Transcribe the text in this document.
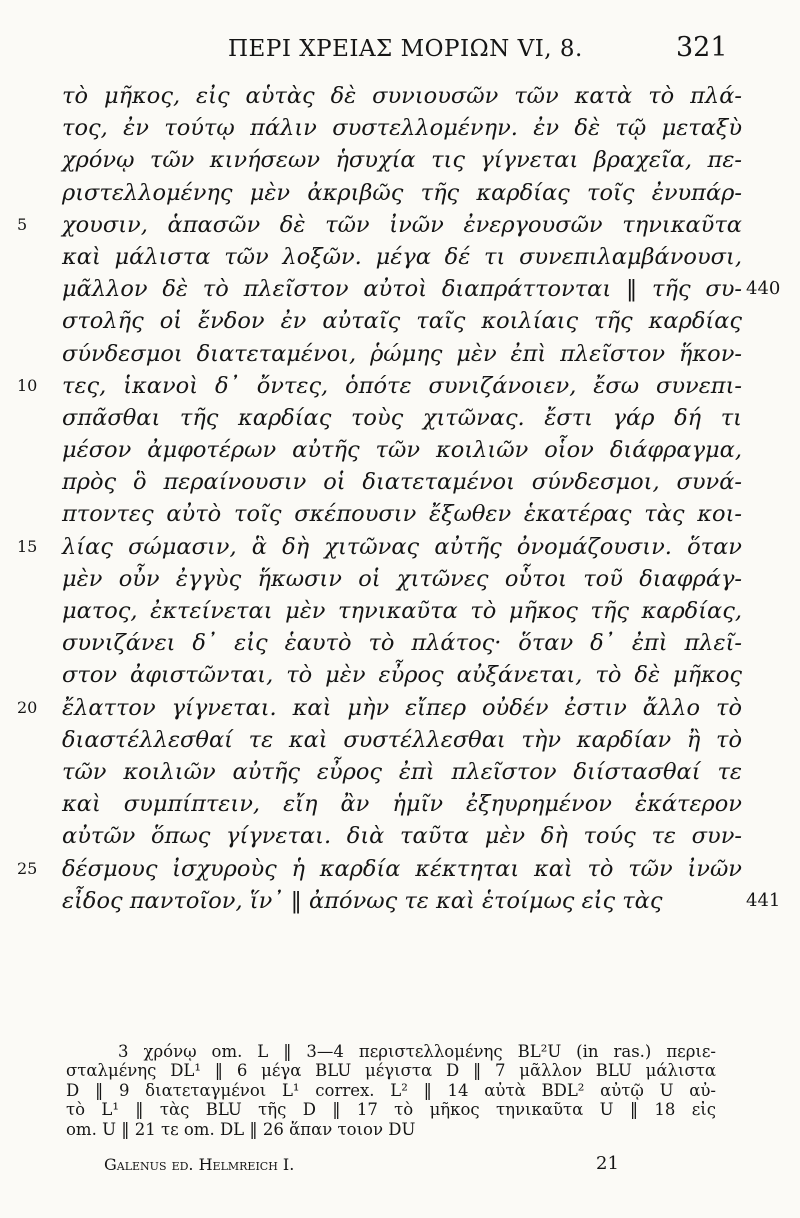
ΠΕΡΙ ΧΡΕΙΑΣ ΜΟΡΙΩΝ VI, 8.	321
τὸ μῆκος, εἰς αὑτὰς δὲ συνιουσῶν τῶν κατὰ τὸ πλά-
τος, ἐν τούτῳ πάλιν συστελλομένην. ἐν δὲ τῷ μεταξὺ
χρόνῳ τῶν κινήσεων ἡσυχία τις γίγνεται βραχεῖα, πε-
ριστελλομένης μὲν ἀκριβῶς τῆς καρδίας τοῖς ἐνυπάρ-
5 χουσιν, ἁπασῶν δὲ τῶν ἰνῶν ἐνεργουσῶν τηνικαῦτα
καὶ μάλιστα τῶν λοξῶν. μέγα δέ τι συνεπιλαμβάνουσι,
μᾶλλον δὲ τὸ πλεῖστον αὐτοὶ διαπράττονται ‖ τῆς συ- 440
στολῆς οἱ ἔνδον ἐν αὐταῖς ταῖς κοιλίαις τῆς καρδίας
σύνδεσμοι διατεταμένοι, ῥώμης μὲν ἐπὶ πλεῖστον ἥκον-
10 τες, ἱκανοὶ δ᾽ ὄντες, ὁπότε συνιζάνοιεν, ἔσω συνεπι-
σπᾶσθαι τῆς καρδίας τοὺς χιτῶνας. ἔστι γάρ δή τι
μέσον ἀμφοτέρων αὐτῆς τῶν κοιλιῶν οἷον διάφραγμα,
πρὸς ὃ περαίνουσιν οἱ διατεταμένοι σύνδεσμοι, συνά-
πτοντες αὐτὸ τοῖς σκέπουσιν ἔξωθεν ἑκατέρας τὰς κοι-
15 λίας σώμασιν, ἃ δὴ χιτῶνας αὐτῆς ὀνομάζουσιν. ὅταν
μὲν οὖν ἐγγὺς ἥκωσιν οἱ χιτῶνες οὗτοι τοῦ διαφράγ-
ματος, ἐκτείνεται μὲν τηνικαῦτα τὸ μῆκος τῆς καρδίας,
συνιζάνει δ᾽ εἰς ἑαυτὸ τὸ πλάτος· ὅταν δ᾽ ἐπὶ πλεῖ-
στον ἀφιστῶνται, τὸ μὲν εὖρος αὐξάνεται, τὸ δὲ μῆκος
20 ἔλαττον γίγνεται. καὶ μὴν εἴπερ οὐδέν ἐστιν ἄλλο τὸ
διαστέλλεσθαί τε καὶ συστέλλεσθαι τὴν καρδίαν ἢ τὸ
τῶν κοιλιῶν αὐτῆς εὖρος ἐπὶ πλεῖστον διίστασθαί τε
καὶ συμπίπτειν, εἴη ἂν ἡμῖν ἐξηυρημένον ἑκάτερον
αὐτῶν ὅπως γίγνεται. διὰ ταῦτα μὲν δὴ τούς τε συν-
25 δέσμους ἰσχυροὺς ἡ καρδία κέκτηται καὶ τὸ τῶν ἰνῶν
εἶδος παντοῖον, ἵν᾽ ‖ ἀπόνως τε καὶ ἑτοίμως εἰς τὰς	441
3 χρόνῳ om. L ‖ 3—4 περιστελλομένης BL²U (in ras.) περιε-
σταλμένης DL¹ ‖ 6 μέγα BLU μέγιστα D ‖ 7 μᾶλλον BLU μάλιστα
D ‖ 9 διατεταγμένοι L¹ correx. L² ‖ 14 αὐτὰ BDL² αὐτῷ U αὐ-
τὸ L¹ ‖ τὰς BLU τῆς D ‖ 17 τὸ μῆκος τηνικαῦτα U ‖ 18 εἰς
om. U ‖ 21 τε om. DL ‖ 26 ἅπαν τοιον DU
Galenus ed. Helmreich I.	21
